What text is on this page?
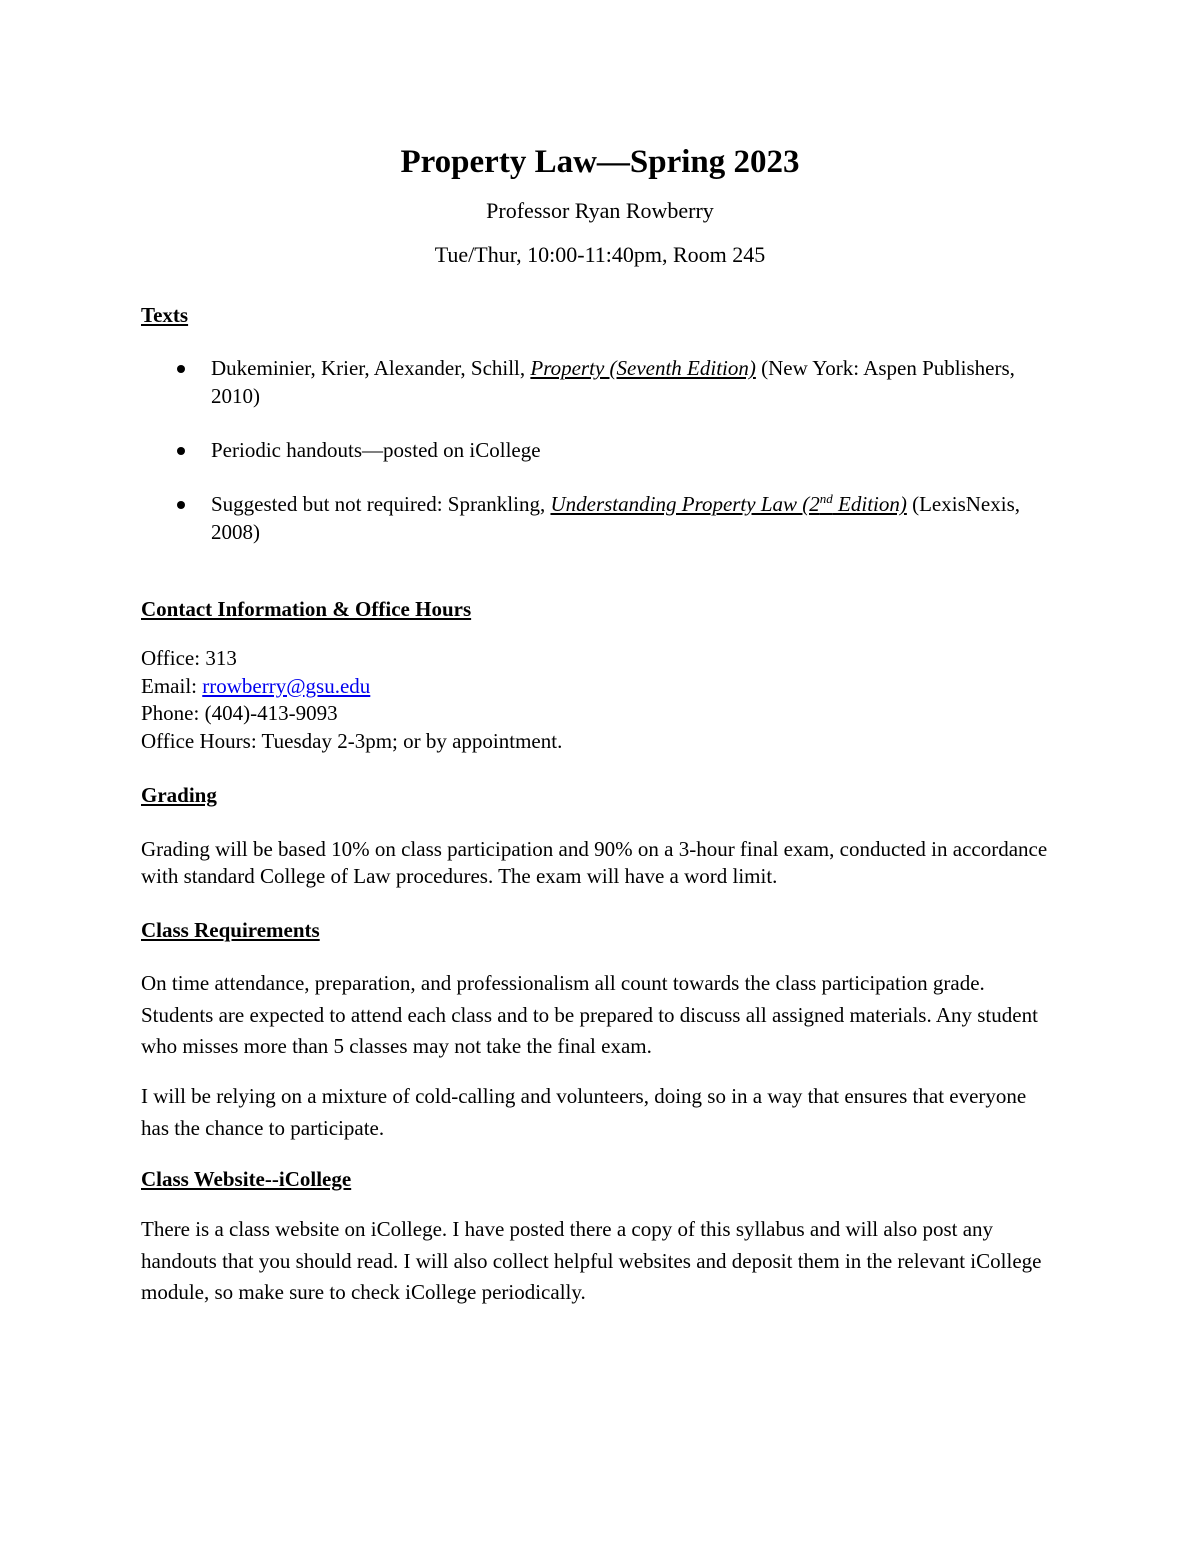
Property Law—Spring 2023

Professor Ryan Rowberry

Tue/Thur, 10:00-11:40pm, Room 245

Texts

Dukeminier, Krier, Alexander, Schill, Property (Seventh Edition) (New York: Aspen Publishers, 2010)
Periodic handouts—posted on iCollege
Suggested but not required: Sprankling, Understanding Property Law (2nd Edition) (LexisNexis, 2008)

Contact Information & Office Hours

Office: 313
Email: rrowberry@gsu.edu
Phone: (404)-413-9093
Office Hours: Tuesday 2-3pm; or by appointment.

Grading

Grading will be based 10% on class participation and 90% on a 3-hour final exam, conducted in accordance with standard College of Law procedures. The exam will have a word limit.

Class Requirements

On time attendance, preparation, and professionalism all count towards the class participation grade. Students are expected to attend each class and to be prepared to discuss all assigned materials. Any student who misses more than 5 classes may not take the final exam.

I will be relying on a mixture of cold-calling and volunteers, doing so in a way that ensures that everyone has the chance to participate.

Class Website--iCollege

There is a class website on iCollege. I have posted there a copy of this syllabus and will also post any handouts that you should read. I will also collect helpful websites and deposit them in the relevant iCollege module, so make sure to check iCollege periodically.
